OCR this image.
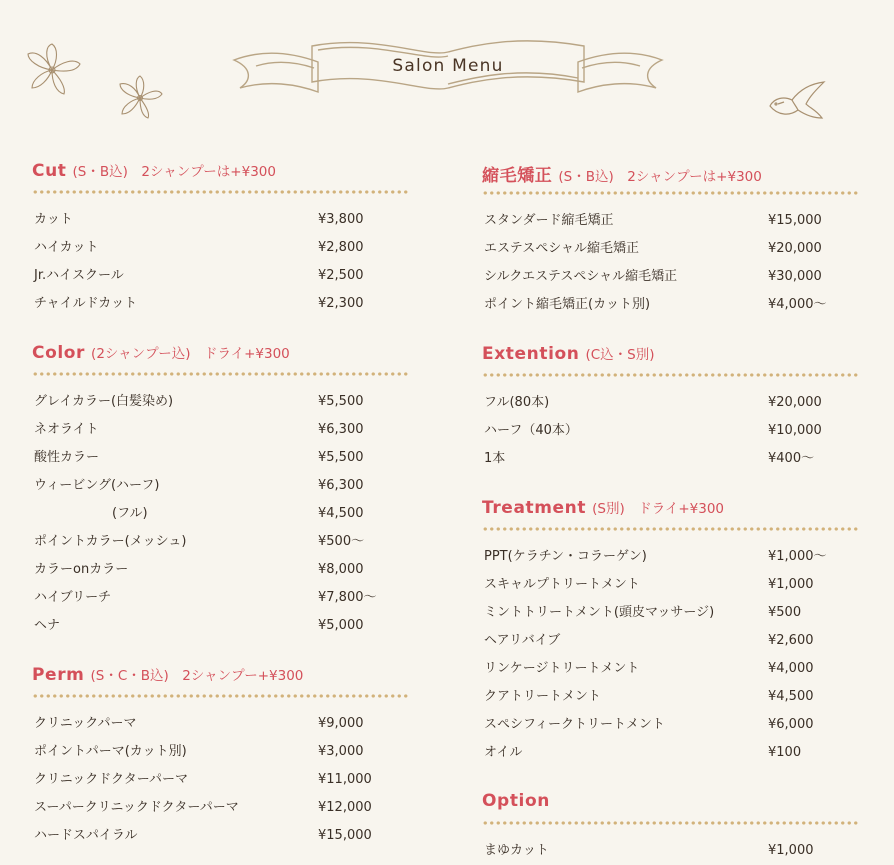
Salon Menu
Cut (S・B込)　2シャンプーは+¥300
カット	¥3,800
ハイカット	¥2,800
Jr.ハイスクール	¥2,500
チャイルドカット	¥2,300
Color (2シャンプー込)　ドライ+¥300
グレイカラー(白髪染め)	¥5,500
ネオライト	¥6,300
酸性カラー	¥5,500
ウィービング(ハーフ)	¥6,300
(フル)	¥4,500
ポイントカラー(メッシュ)	¥500〜
カラーonカラー	¥8,000
ハイブリーチ	¥7,800〜
ヘナ	¥5,000
Perm (S・C・B込)　2シャンプー+¥300
クリニックパーマ	¥9,000
ポイントパーマ(カット別)	¥3,000
クリニックドクターパーマ	¥11,000
スーパークリニックドクターパーマ	¥12,000
ハードスパイラル	¥15,000
縮毛矯正 (S・B込)　2シャンプーは+¥300
スタンダード縮毛矯正	¥15,000
エステスペシャル縮毛矯正	¥20,000
シルクエステスペシャル縮毛矯正	¥30,000
ポイント縮毛矯正(カット別)	¥4,000〜
Extention (C込・S別)
フル(80本)	¥20,000
ハーフ（40本）	¥10,000
1本	¥400〜
Treatment (S別)　ドライ+¥300
PPT(ケラチン・コラーゲン)	¥1,000〜
スキャルプトリートメント	¥1,000
ミントトリートメント(頭皮マッサージ)	¥500
ヘアリバイブ	¥2,600
リンケージトリートメント	¥4,000
クアトリートメント	¥4,500
スペシフィークトリートメント	¥6,000
オイル	¥100
Option
まゆカット	¥1,000
